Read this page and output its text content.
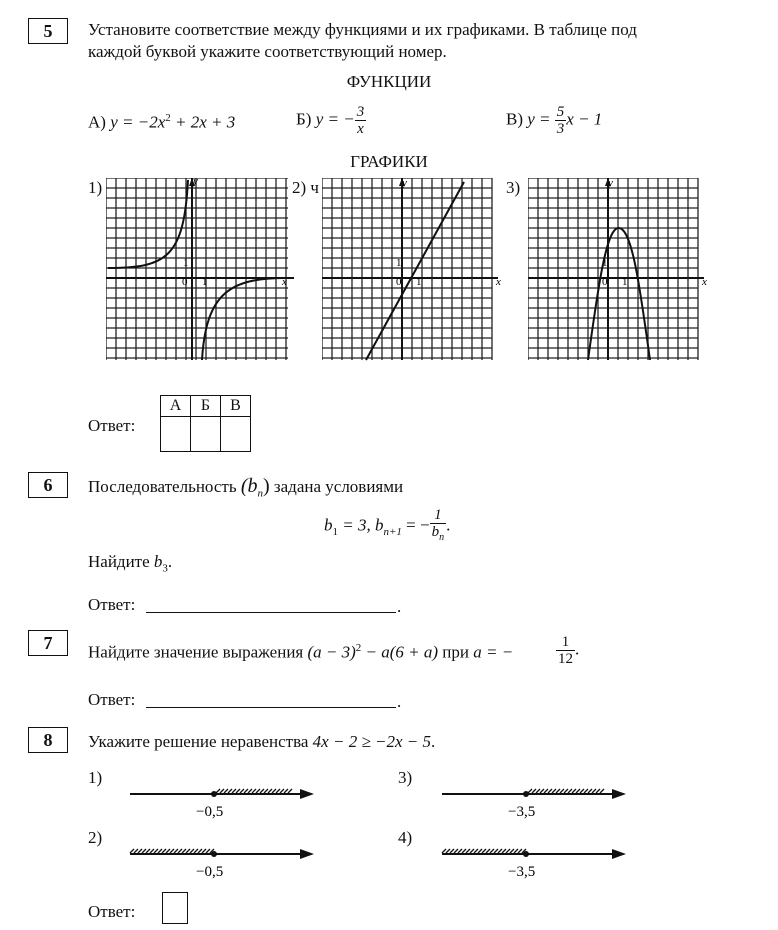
5	Установите соответствие между функциями и их графиками. В таблице под
каждой буквой укажите соответствующий номер.
ФУНКЦИИ
А) $y = -2x^2 + 2x + 3$	Б) y = − $\frac{3}{x}$	В) $y = \frac{5}{3}$ x − 1
ГРАФИКИ
1)	2) ч	3)
y
x
0 1
1
y
x
0 1
1
y
x
0 1
1
Ответ:
А	Б	В

6	Последовательность $(b_n)$ задана условиями
$b_1 = 3$, $b_{n+1}$ = − $\frac{1}{b_n}$ .
Найдите $b_3$.
Ответ:	.
7	Найдите значение выражения $(a - 3)^2 - a(6 + a)$ при a = −	$\frac{1}{12}$ .
Ответ:	.
8	Укажите решение неравенства 4x − 2 ≥ −2x − 5.
1)
2)
3)
4)
−0,5
−0,5
−3,5
−3,5
Ответ:
